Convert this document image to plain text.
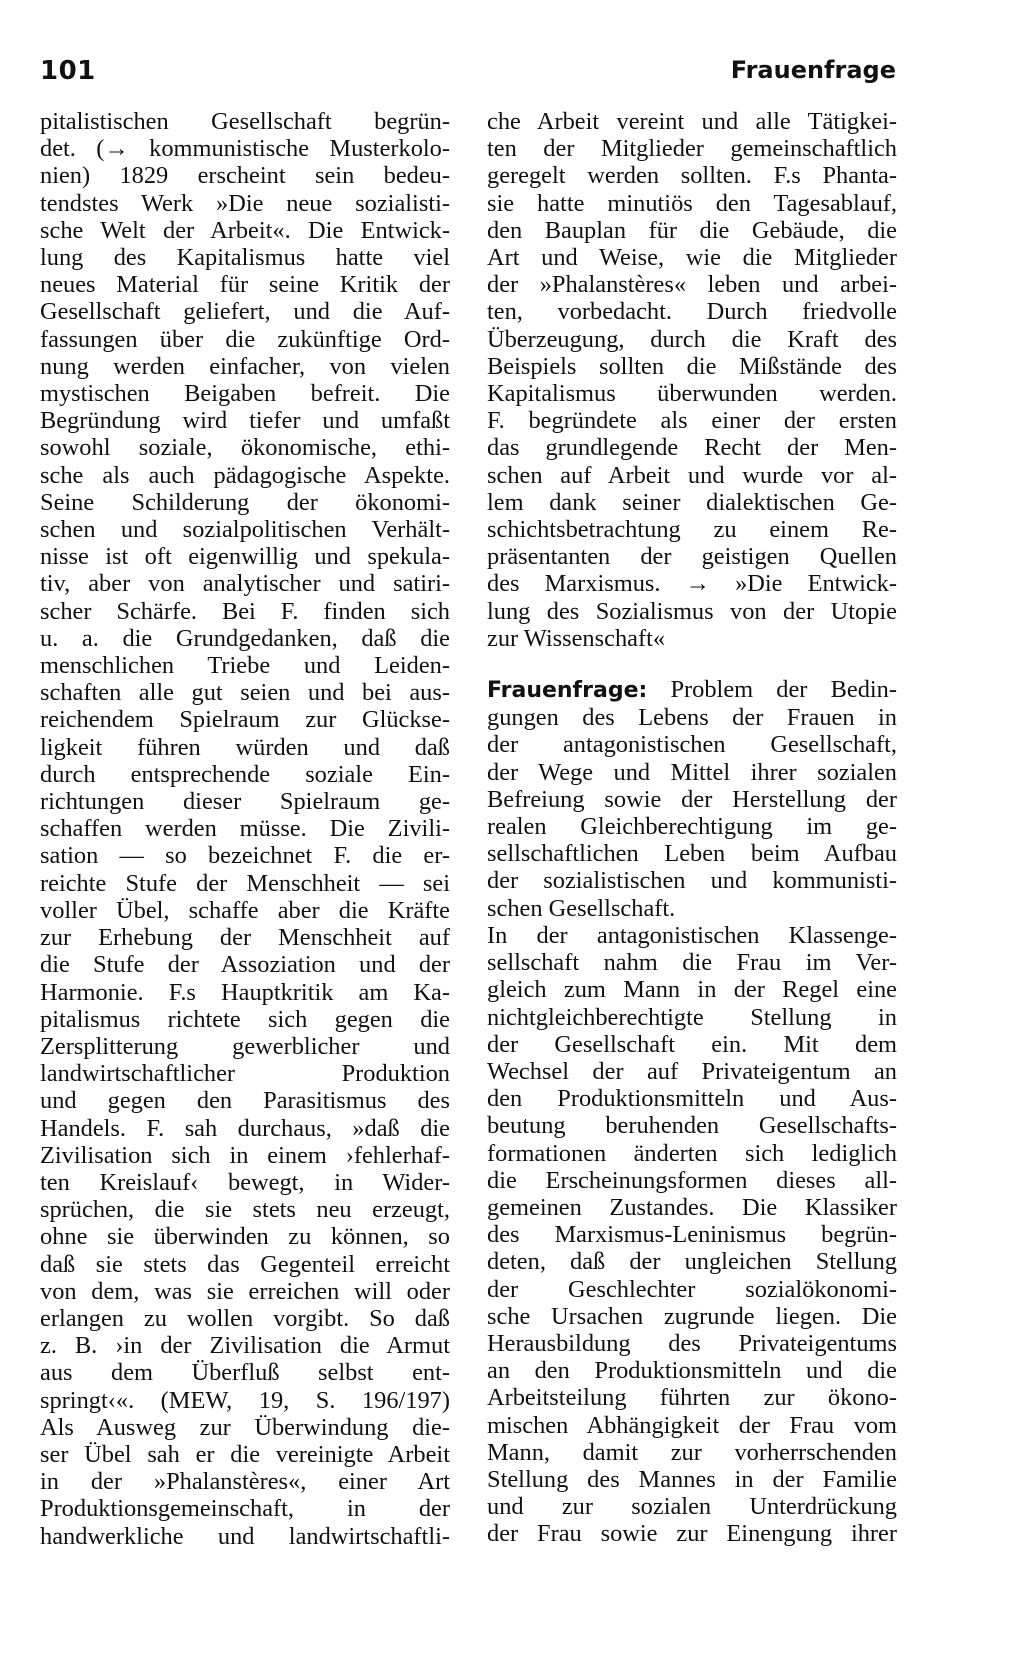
101	Frauenfrage
pitalistischen Gesellschaft begrün-
det. (→ kommunistische Musterkolo-
nien) 1829 erscheint sein bedeu-
tendstes Werk »Die neue sozialisti-
sche Welt der Arbeit«. Die Entwick-
lung des Kapitalismus hatte viel
neues Material für seine Kritik der
Gesellschaft geliefert, und die Auf-
fassungen über die zukünftige Ord-
nung werden einfacher, von vielen
mystischen Beigaben befreit. Die
Begründung wird tiefer und umfaßt
sowohl soziale, ökonomische, ethi-
sche als auch pädagogische Aspekte.
Seine Schilderung der ökonomi-
schen und sozialpolitischen Verhält-
nisse ist oft eigenwillig und spekula-
tiv, aber von analytischer und satiri-
scher Schärfe. Bei F. finden sich
u. a. die Grundgedanken, daß die
menschlichen Triebe und Leiden-
schaften alle gut seien und bei aus-
reichendem Spielraum zur Glückse-
ligkeit führen würden und daß
durch entsprechende soziale Ein-
richtungen dieser Spielraum ge-
schaffen werden müsse. Die Zivili-
sation — so bezeichnet F. die er-
reichte Stufe der Menschheit — sei
voller Übel, schaffe aber die Kräfte
zur Erhebung der Menschheit auf
die Stufe der Assoziation und der
Harmonie. F.s Hauptkritik am Ka-
pitalismus richtete sich gegen die
Zersplitterung gewerblicher und
landwirtschaftlicher Produktion
und gegen den Parasitismus des
Handels. F. sah durchaus, »daß die
Zivilisation sich in einem ›fehlerhaf-
ten Kreislauf‹ bewegt, in Wider-
sprüchen, die sie stets neu erzeugt,
ohne sie überwinden zu können, so
daß sie stets das Gegenteil erreicht
von dem, was sie erreichen will oder
erlangen zu wollen vorgibt. So daß
z. B. ›in der Zivilisation die Armut
aus dem Überfluß selbst ent-
springt‹«. (MEW, 19, S. 196/197)
Als Ausweg zur Überwindung die-
ser Übel sah er die vereinigte Arbeit
in der »Phalanstères«, einer Art
Produktionsgemeinschaft, in der
handwerkliche und landwirtschaftli-
che Arbeit vereint und alle Tätigkei-
ten der Mitglieder gemeinschaftlich
geregelt werden sollten. F.s Phanta-
sie hatte minutiös den Tagesablauf,
den Bauplan für die Gebäude, die
Art und Weise, wie die Mitglieder
der »Phalanstères« leben und arbei-
ten, vorbedacht. Durch friedvolle
Überzeugung, durch die Kraft des
Beispiels sollten die Mißstände des
Kapitalismus überwunden werden.
F. begründete als einer der ersten
das grundlegende Recht der Men-
schen auf Arbeit und wurde vor al-
lem dank seiner dialektischen Ge-
schichtsbetrachtung zu einem Re-
präsentanten der geistigen Quellen
des Marxismus. → »Die Entwick-
lung des Sozialismus von der Utopie
zur Wissenschaft«
Frauenfrage: Problem der Bedin-
gungen des Lebens der Frauen in
der antagonistischen Gesellschaft,
der Wege und Mittel ihrer sozialen
Befreiung sowie der Herstellung der
realen Gleichberechtigung im ge-
sellschaftlichen Leben beim Aufbau
der sozialistischen und kommunisti-
schen Gesellschaft.
In der antagonistischen Klassenge-
sellschaft nahm die Frau im Ver-
gleich zum Mann in der Regel eine
nichtgleichberechtigte Stellung in
der Gesellschaft ein. Mit dem
Wechsel der auf Privateigentum an
den Produktionsmitteln und Aus-
beutung beruhenden Gesellschafts-
formationen änderten sich lediglich
die Erscheinungsformen dieses all-
gemeinen Zustandes. Die Klassiker
des Marxismus-Leninismus begrün-
deten, daß der ungleichen Stellung
der Geschlechter sozialökonomi-
sche Ursachen zugrunde liegen. Die
Herausbildung des Privateigentums
an den Produktionsmitteln und die
Arbeitsteilung führten zur ökono-
mischen Abhängigkeit der Frau vom
Mann, damit zur vorherrschenden
Stellung des Mannes in der Familie
und zur sozialen Unterdrückung
der Frau sowie zur Einengung ihrer
